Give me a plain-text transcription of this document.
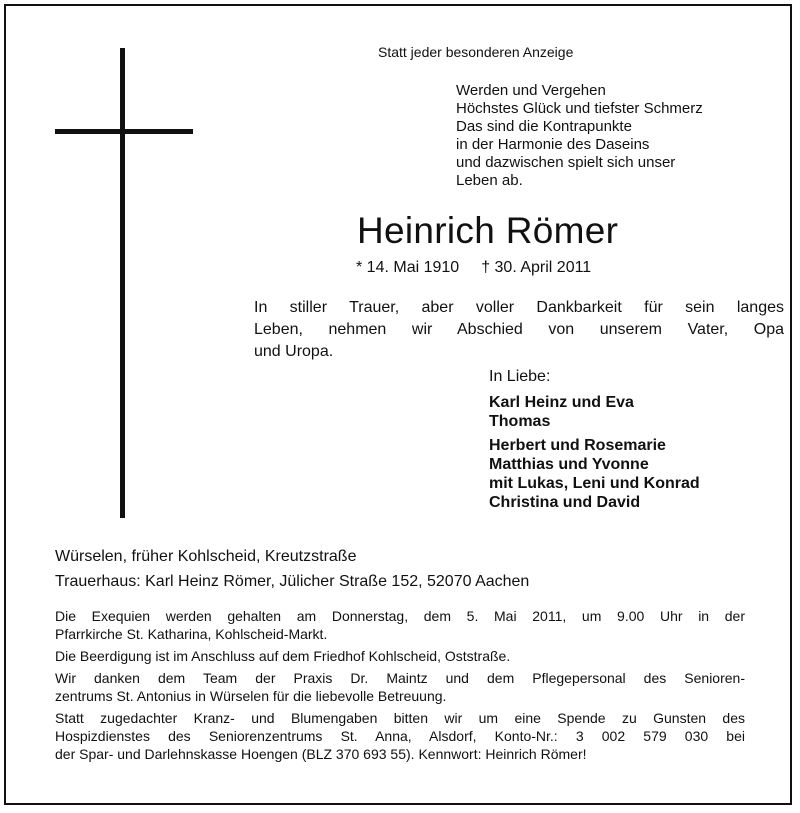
Statt jeder besonderen Anzeige
Werden und Vergehen
Höchstes Glück und tiefster Schmerz
Das sind die Kontrapunkte
in der Harmonie des Daseins
und dazwischen spielt sich unser
Leben ab.
Heinrich Römer
* 14. Mai 1910 † 30. April 2011
In stiller Trauer, aber voller Dankbarkeit für sein langes
Leben, nehmen wir Abschied von unserem Vater, Opa
und Uropa.
In Liebe:
Karl Heinz und Eva
Thomas
Herbert und Rosemarie
Matthias und Yvonne
mit Lukas, Leni und Konrad
Christina und David
Würselen, früher Kohlscheid, Kreutzstraße
Trauerhaus: Karl Heinz Römer, Jülicher Straße 152, 52070 Aachen

Die Exequien werden gehalten am Donnerstag, dem 5. Mai 2011, um 9.00 Uhr in der
Pfarrkirche St. Katharina, Kohlscheid-Markt.

Die Beerdigung ist im Anschluss auf dem Friedhof Kohlscheid, Oststraße.

Wir danken dem Team der Praxis Dr. Maintz und dem Pflegepersonal des Senioren-
zentrums St. Antonius in Würselen für die liebevolle Betreuung.

Statt zugedachter Kranz- und Blumengaben bitten wir um eine Spende zu Gunsten des
Hospizdienstes des Seniorenzentrums St. Anna, Alsdorf, Konto-Nr.: 3 002 579 030 bei
der Spar- und Darlehnskasse Hoengen (BLZ 370 693 55). Kennwort: Heinrich Römer!
